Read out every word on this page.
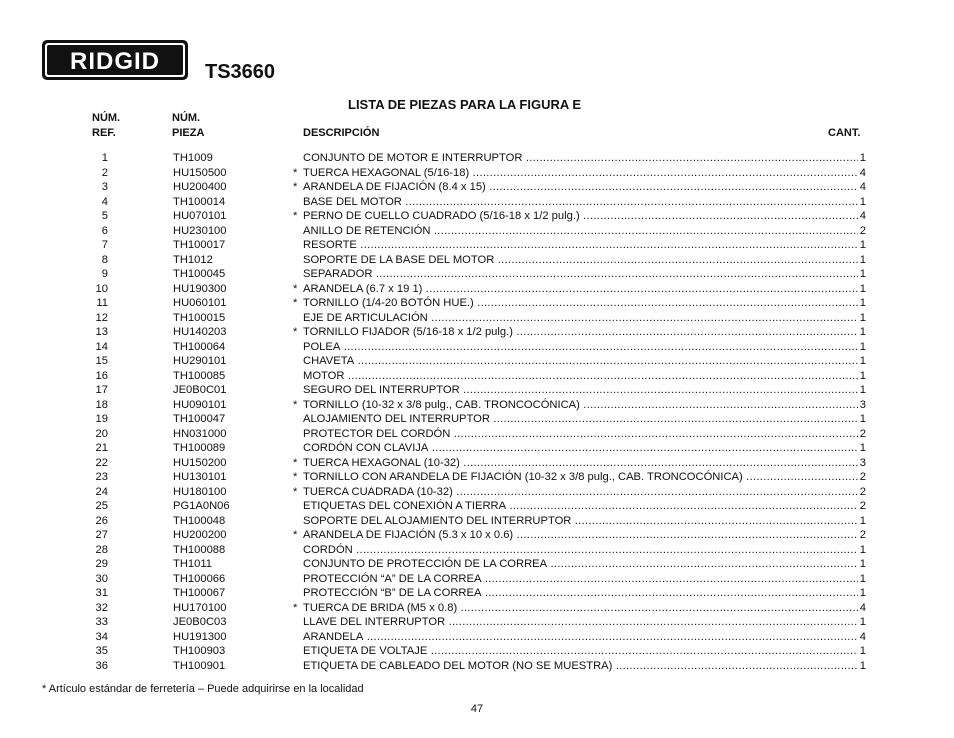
RIDGID TS3660
LISTA DE PIEZAS PARA LA FIGURA E
NÚM.
REF.
NÚM.
PIEZA	DESCRIPCIÓN	CANT.
1	TH1009	CONJUNTO DE MOTOR E INTERRUPTOR .....	1
2	HU150500	* TUERCA HEXAGONAL (5/16-18) .....	4
3	HU200400	* ARANDELA DE FIJACIÓN (8.4 x 15) .....	4
4	TH100014	BASE DEL MOTOR .....	1
5	HU070101	* PERNO DE CUELLO CUADRADO (5/16-18 x 1/2 pulg.) .....	4
6	HU230100	ANILLO DE RETENCIÓN .....	2
7	TH100017	RESORTE .....	1
8	TH1012	SOPORTE DE LA BASE DEL MOTOR .....	1
9	TH100045	SEPARADOR .....	1
10	HU190300	* ARANDELA (6.7 x 19 1) .....	1
11	HU060101	* TORNILLO (1/4-20 BOTÓN HUE.) .....	1
12	TH100015	EJE DE ARTICULACIÓN .....	1
13	HU140203	* TORNILLO FIJADOR (5/16-18 x 1/2 pulg.) .....	1
14	TH100064	POLEA .....	1
15	HU290101	CHAVETA .....	1
16	TH100085	MOTOR .....	1
17	JE0B0C01	SEGURO DEL INTERRUPTOR .....	1
18	HU090101	* TORNILLO (10-32 x 3/8 pulg., CAB. TRONCOCÓNICA) .....	3
19	TH100047	ALOJAMIENTO DEL INTERRUPTOR .....	1
20	HN031000	PROTECTOR DEL CORDÓN .....	2
21	TH100089	CORDÓN CON CLAVIJA .....	1
22	HU150200	* TUERCA HEXAGONAL (10-32) .....	3
23	HU130101	* TORNILLO CON ARANDELA DE FIJACIÓN (10-32 x 3/8 pulg., CAB. TRONCOCÓNICA) .....	2
24	HU180100	* TUERCA CUADRADA (10-32) .....	2
25	PG1A0N06	ETIQUETAS DEL CONEXIÓN A TIERRA .....	2
26	TH100048	SOPORTE DEL ALOJAMIENTO DEL INTERRUPTOR .....	1
27	HU200200	* ARANDELA DE FIJACIÓN (5.3 x 10 x 0.6) .....	2
28	TH100088	CORDÓN .....	1
29	TH1011	CONJUNTO DE PROTECCIÓN DE LA CORREA .....	1
30	TH100066	PROTECCIÓN “A” DE LA CORREA .....	1
31	TH100067	PROTECCIÓN “B” DE LA CORREA .....	1
32	HU170100	* TUERCA DE BRIDA (M5 x 0.8) .....	4
33	JE0B0C03	LLAVE DEL INTERRUPTOR .....	1
34	HU191300	ARANDELA .....	4
35	TH100903	ETIQUETA DE VOLTAJE .....	1
36	TH100901	ETIQUETA DE CABLEADO DEL MOTOR (NO SE MUESTRA) .....	1
* Artículo estándar de ferretería – Puede adquirirse en la localidad
47
